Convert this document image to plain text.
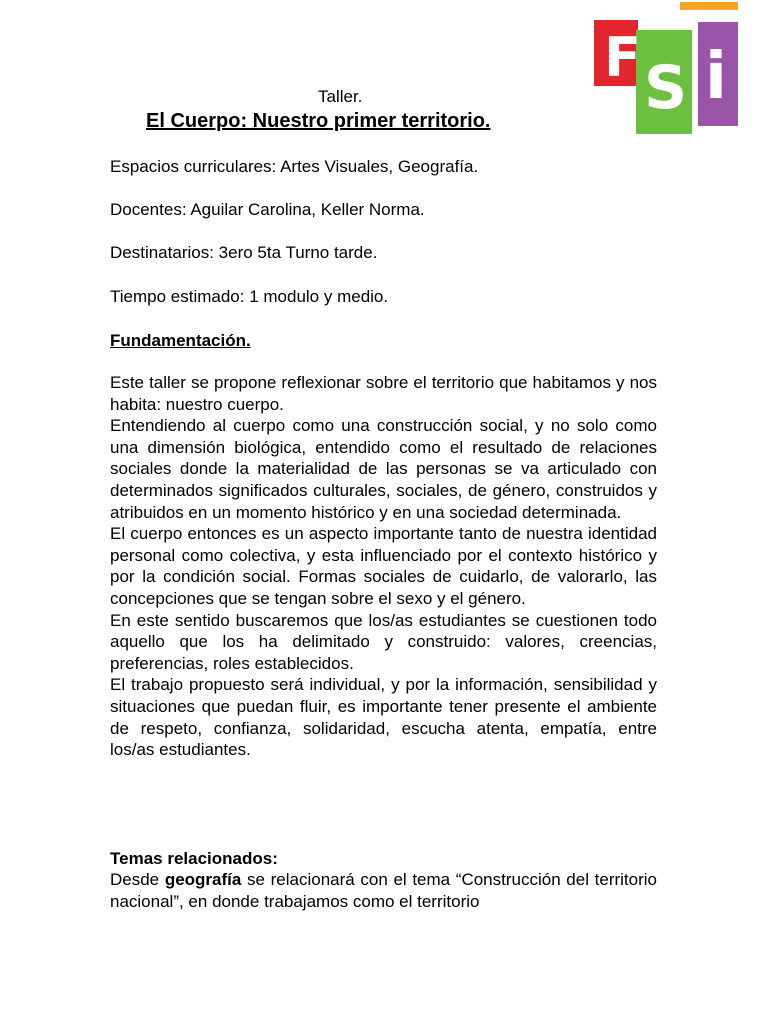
F S i
Taller.
El Cuerpo: Nuestro primer territorio.
Espacios curriculares: Artes Visuales, Geografía.
Docentes: Aguilar Carolina, Keller Norma.
Destinatarios: 3ero 5ta Turno tarde.
Tiempo estimado: 1 modulo y medio.
Fundamentación.

Este taller se propone reflexionar sobre el territorio que habitamos y nos habita: nuestro cuerpo.

Entendiendo al cuerpo como una construcción social, y no solo como una dimensión biológica, entendido como el resultado de relaciones sociales donde la materialidad de las personas se va articulado con determinados significados culturales, sociales, de género, construidos y atribuidos en un momento histórico y en una sociedad determinada.

El cuerpo entonces es un aspecto importante tanto de nuestra identidad personal como colectiva, y esta influenciado por el contexto histórico y por la condición social. Formas sociales de cuidarlo, de valorarlo, las concepciones que se tengan sobre el sexo y el género.

En este sentido buscaremos que los/as estudiantes se cuestionen todo aquello que los ha delimitado y construido: valores, creencias, preferencias, roles establecidos.

El trabajo propuesto será individual, y por la información, sensibilidad y situaciones que puedan fluir, es importante tener presente el ambiente de respeto, confianza, solidaridad, escucha atenta, empatía, entre los/as estudiantes.

Temas relacionados:

Desde geografía se relacionará con el tema “Construcción del territorio nacional”, en donde trabajamos como el territorio
